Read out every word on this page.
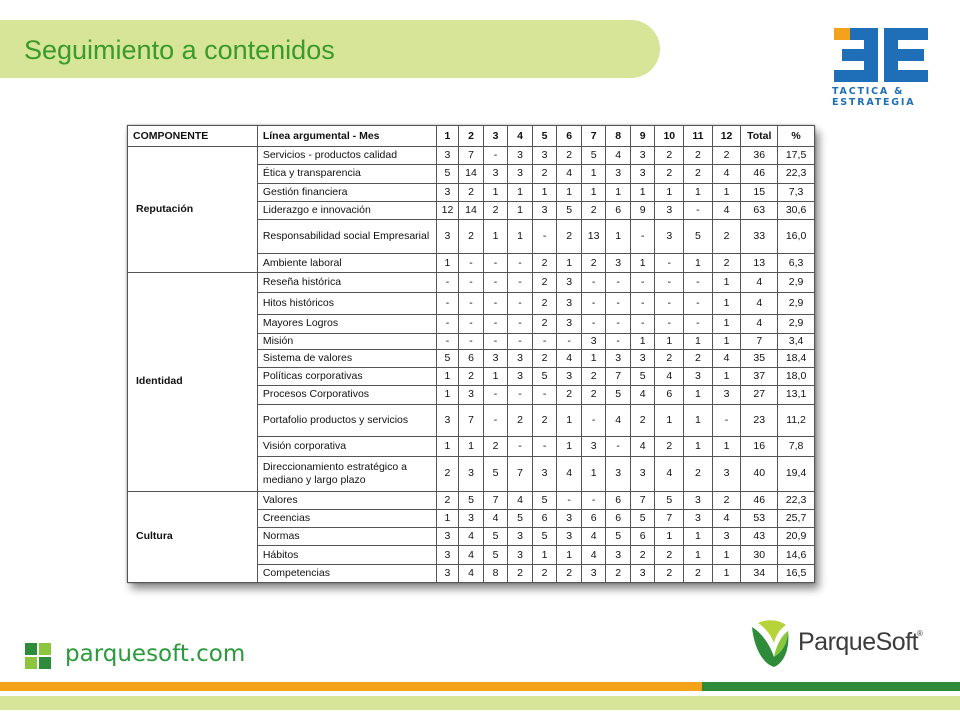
Seguimiento a contenidos
TACTICA &
ESTRATEGIA
COMPONENTE	Línea argumental - Mes	1	2	3	4	5	6	7	8	9	10	11	12	Total	%
Reputación	Servicios - productos calidad	3	7	-	3	3	2	5	4	3	2	2	2	36	17,5
	Ética y transparencia	5	14	3	3	2	4	1	3	3	2	2	4	46	22,3
	Gestión financiera	3	2	1	1	1	1	1	1	1	1	1	1	15	7,3
	Liderazgo e innovación	12	14	2	1	3	5	2	6	9	3	-	4	63	30,6
	Responsabilidad social Empresarial	3	2	1	1	-	2	13	1	-	3	5	2	33	16,0
	Ambiente laboral	1	-	-	-	2	1	2	3	1	-	1	2	13	6,3
Identidad	Reseña histórica	-	-	-	-	2	3	-	-	-	-	-	1	4	2,9
	Hitos históricos	-	-	-	-	2	3	-	-	-	-	-	1	4	2,9
	Mayores Logros	-	-	-	-	2	3	-	-	-	-	-	1	4	2,9
	Misión	-	-	-	-	-	-	3	-	1	1	1	1	7	3,4
	Sistema de valores	5	6	3	3	2	4	1	3	3	2	2	4	35	18,4
	Políticas corporativas	1	2	1	3	5	3	2	7	5	4	3	1	37	18,0
	Procesos Corporativos	1	3	-	-	-	2	2	5	4	6	1	3	27	13,1
	Portafolio productos y servicios	3	7	-	2	2	1	-	4	2	1	1	-	23	11,2
	Visión corporativa	1	1	2	-	-	1	3	-	4	2	1	1	16	7,8
	Direccionamiento estratégico a mediano y largo plazo	2	3	5	7	3	4	1	3	3	4	2	3	40	19,4
Cultura	Valores	2	5	7	4	5	-	-	6	7	5	3	2	46	22,3
	Creencias	1	3	4	5	6	3	6	6	5	7	3	4	53	25,7
	Normas	3	4	5	3	5	3	4	5	6	1	1	3	43	20,9
	Hábitos	3	4	5	3	1	1	4	3	2	2	1	1	30	14,6
	Competencias	3	4	8	2	2	2	3	2	3	2	2	1	34	16,5
parquesoft.com	ParqueSoft
®
